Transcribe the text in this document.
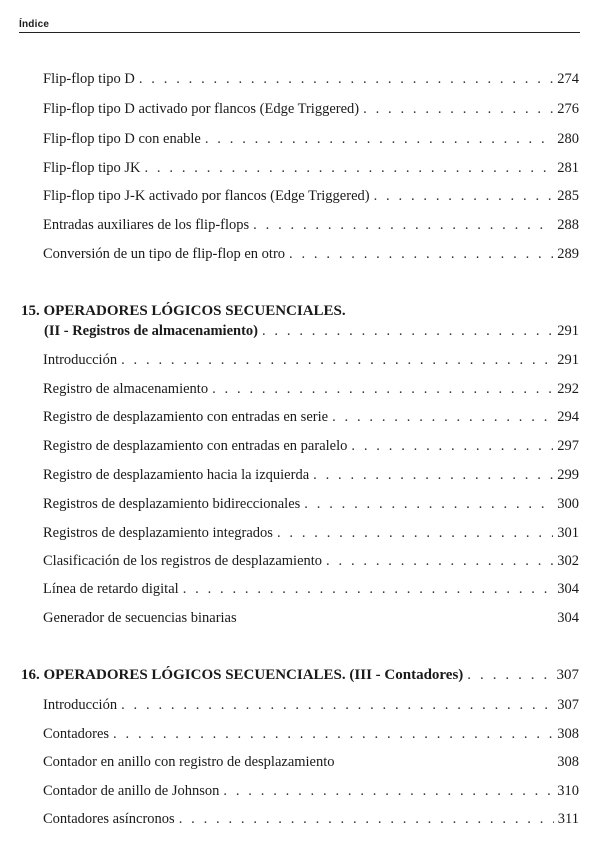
Índice
Flip-flop tipo D . . .	274
Flip-flop tipo D activado por flancos (Edge Triggered) . . .	276
Flip-flop tipo D con enable . . .	280
Flip-flop tipo JK . . .	281
Flip-flop tipo J-K activado por flancos (Edge Triggered) . . .	285
Entradas auxiliares de los flip-flops . . .	288
Conversión de un tipo de flip-flop en otro . . .	289
15. OPERADORES LÓGICOS SECUENCIALES.
(II - Registros de almacenamiento) . . .	291
Introducción . . .	291
Registro de almacenamiento . . .	292
Registro de desplazamiento con entradas en serie . . .	294
Registro de desplazamiento con entradas en paralelo . . .	297
Registro de desplazamiento hacia la izquierda . . .	299
Registros de desplazamiento bidireccionales . . .	300
Registros de desplazamiento integrados . . .	301
Clasificación de los registros de desplazamiento . . .	302
Línea de retardo digital . . .	304
Generador de secuencias binarias	304
16. OPERADORES LÓGICOS SECUENCIALES. (III - Contadores) . . .	307
Introducción . . .	307
Contadores . . .	308
Contador en anillo con registro de desplazamiento	308
Contador de anillo de Johnson . . .	310
Contadores asíncronos . . .	311
